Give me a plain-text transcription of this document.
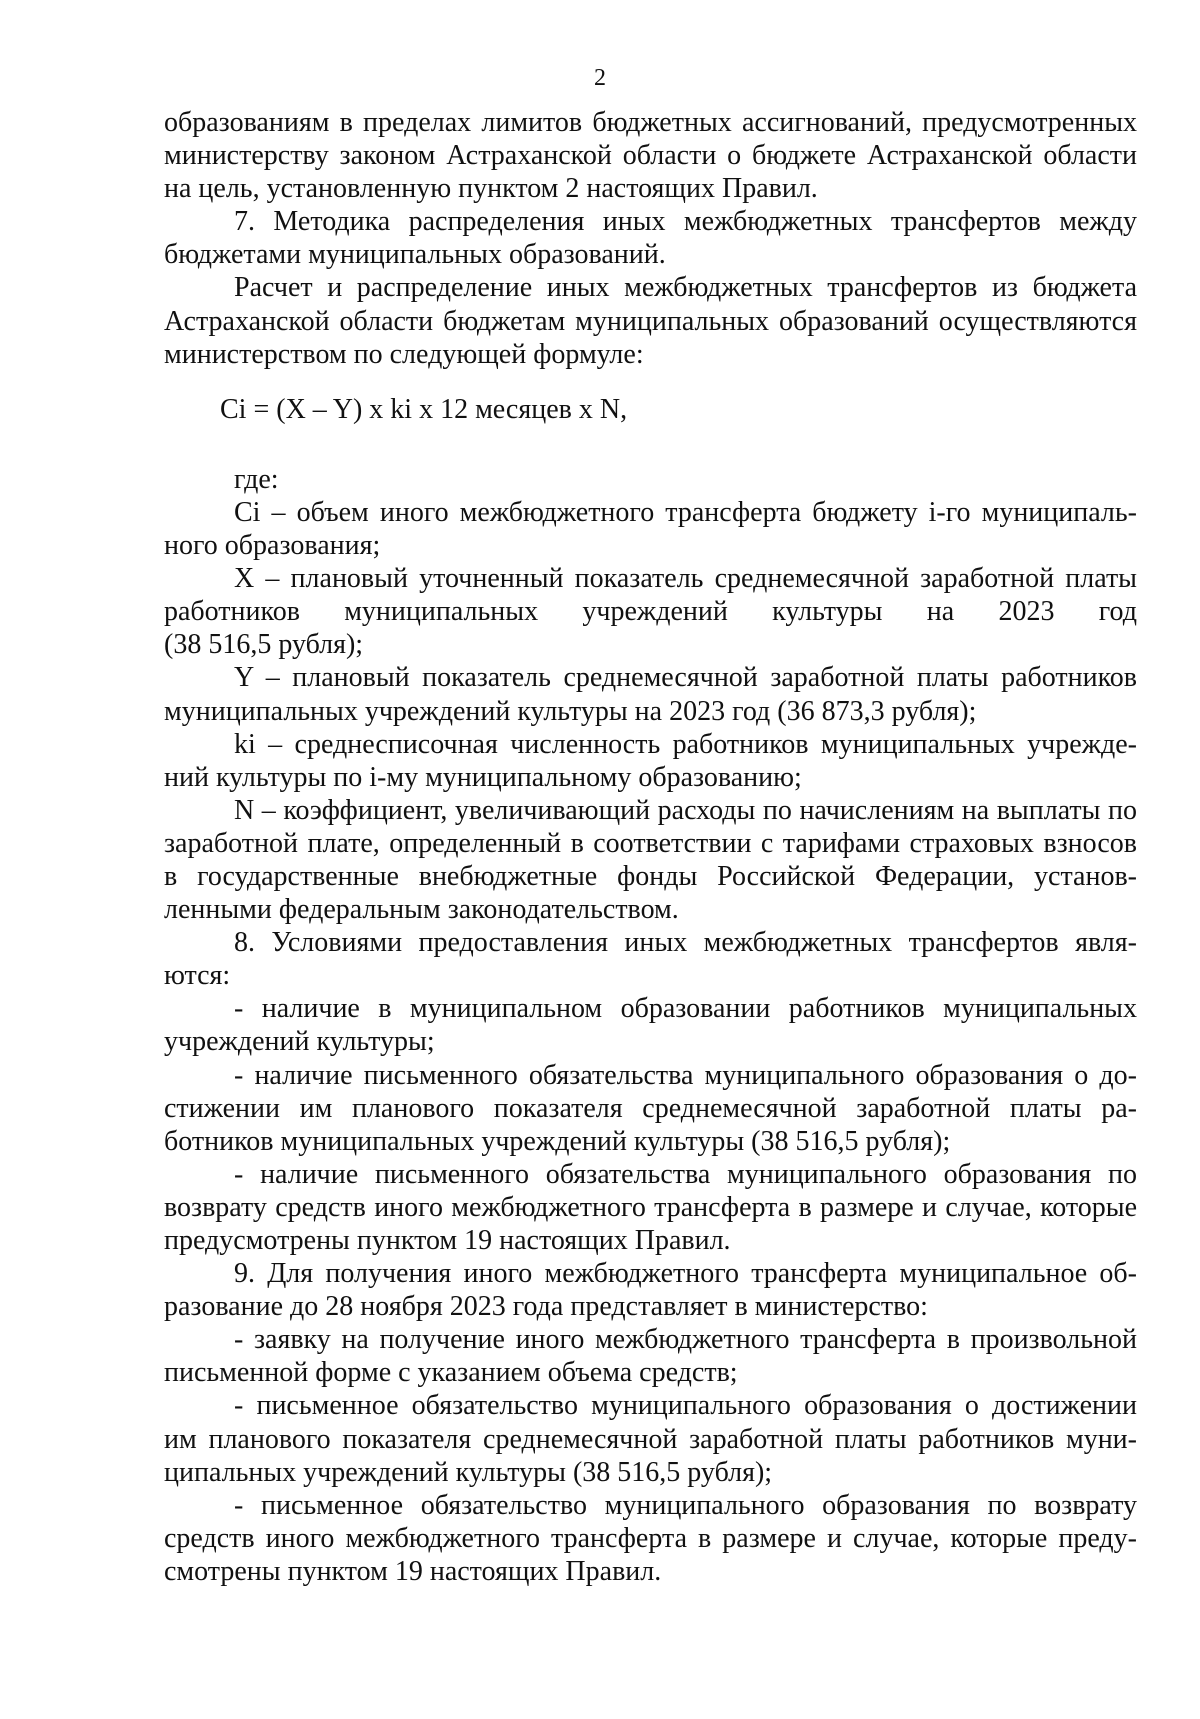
2

образованиям в пределах лимитов бюджетных ассигнований, предусмотренных министерству законом Астраханской области о бюджете Астраханской области на цель, установленную пунктом 2 настоящих Правил.

7. Методика распределения иных межбюджетных трансфертов между бюджетами муниципальных образований.

Расчет и распределение иных межбюджетных трансфертов из бюджета Астраханской области бюджетам муниципальных образований осуществляются министерством по следующей формуле:

Сi = (X – Y) x ki x 12 месяцев x N,

где:

Сi – объем иного межбюджетного трансферта бюджету i-го муниципального образования;

X – плановый уточненный показатель среднемесячной заработной платы работников муниципальных учреждений культуры на 2023 год

(38 516,5 рубля);

Y – плановый показатель среднемесячной заработной платы работников муниципальных учреждений культуры на 2023 год (36 873,3 рубля);

ki – среднесписочная численность работников муниципальных учреждений культуры по i-му муниципальному образованию;

N – коэффициент, увеличивающий расходы по начислениям на выплаты по заработной плате, определенный в соответствии с тарифами страховых взносов в государственные внебюджетные фонды Российской Федерации, установленными федеральным законодательством.

8. Условиями предоставления иных межбюджетных трансфертов являются:

- наличие в муниципальном образовании работников муниципальных учреждений культуры;

- наличие письменного обязательства муниципального образования о достижении им планового показателя среднемесячной заработной платы работников муниципальных учреждений культуры (38 516,5 рубля);

- наличие письменного обязательства муниципального образования по возврату средств иного межбюджетного трансферта в размере и случае, которые предусмотрены пунктом 19 настоящих Правил.

9. Для получения иного межбюджетного трансферта муниципальное образование до 28 ноября 2023 года представляет в министерство:

- заявку на получение иного межбюджетного трансферта в произвольной письменной форме с указанием объема средств;

- письменное обязательство муниципального образования о достижении им планового показателя среднемесячной заработной платы работников муниципальных учреждений культуры (38 516,5 рубля);

- письменное обязательство муниципального образования по возврату средств иного межбюджетного трансферта в размере и случае, которые предусмотрены пунктом 19 настоящих Правил.
